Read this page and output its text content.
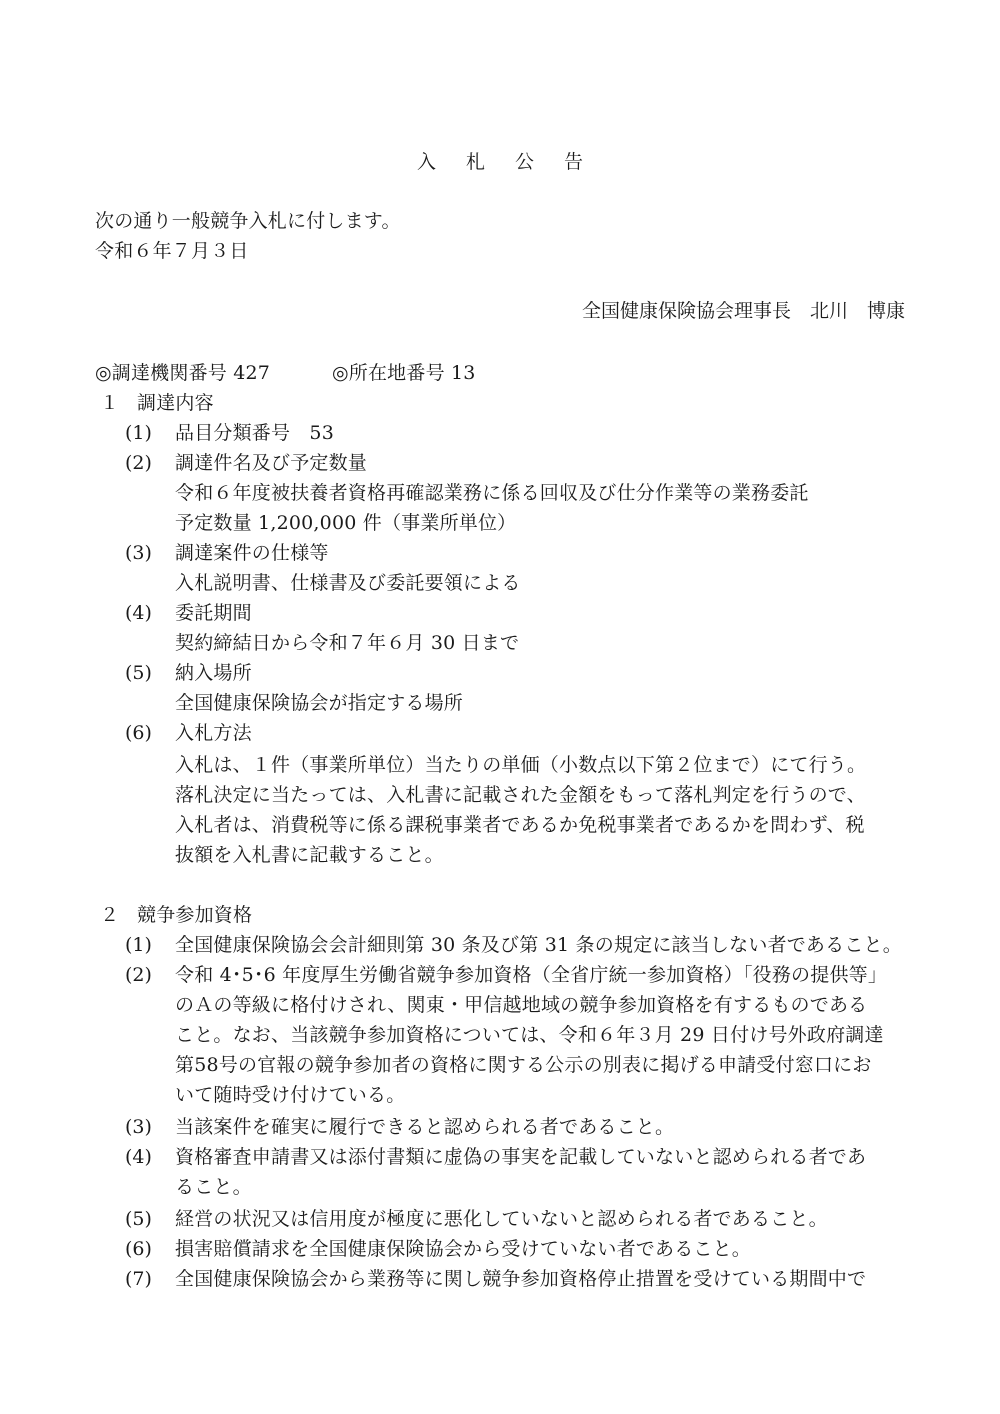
入札公告
次の通り一般競争入札に付します。
令和６年７月３日
全国健康保険協会理事長　北川　博康
◎調達機関番号 427	◎所在地番号 13
１ 調達内容
(1) 品目分類番号　53
(2) 調達件名及び予定数量
令和６年度被扶養者資格再確認業務に係る回収及び仕分作業等の業務委託
予定数量 1,200,000 件（事業所単位）
(3) 調達案件の仕様等
入札説明書、仕様書及び委託要領による
(4) 委託期間
契約締結日から令和７年６月 30 日まで
(5) 納入場所
全国健康保険協会が指定する場所
(6) 入札方法
入札は、１件（事業所単位）当たりの単価（小数点以下第２位まで）にて行う。
落札決定に当たっては、入札書に記載された金額をもって落札判定を行うので、
入札者は、消費税等に係る課税事業者であるか免税事業者であるかを問わず、税
抜額を入札書に記載すること。
２ 競争参加資格
(1) 全国健康保険協会会計細則第 30 条及び第 31 条の規定に該当しない者であること。
(2) 令和 4･5･6 年度厚生労働省競争参加資格（全省庁統一参加資格）「役務の提供等」
のＡの等級に格付けされ、関東・甲信越地域の競争参加資格を有するものである
こと。なお、当該競争参加資格については、令和６年３月 29 日付け号外政府調達
第58号の官報の競争参加者の資格に関する公示の別表に掲げる申請受付窓口にお
いて随時受け付けている。
(3) 当該案件を確実に履行できると認められる者であること。
(4) 資格審査申請書又は添付書類に虚偽の事実を記載していないと認められる者であ
ること。
(5) 経営の状況又は信用度が極度に悪化していないと認められる者であること。
(6) 損害賠償請求を全国健康保険協会から受けていない者であること。
(7) 全国健康保険協会から業務等に関し競争参加資格停止措置を受けている期間中で
